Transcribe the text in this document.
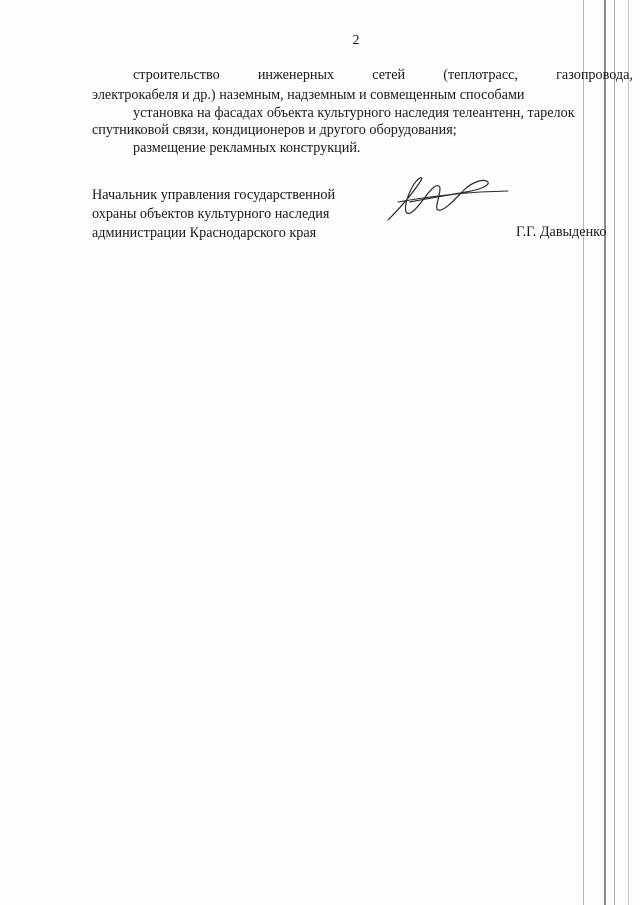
2
строительство	инженерных	сетей	(теплотрасс,	газопровода,
электрокабеля и др.) наземным, надземным и совмещенным способами
установка на фасадах объекта культурного наследия телеантенн, тарелок
спутниковой связи, кондиционеров и другого оборудования;
размещение рекламных конструкций.
Начальник управления государственной
охраны объектов культурного наследия
администрации Краснодарского края	Г.Г. Давыденко
